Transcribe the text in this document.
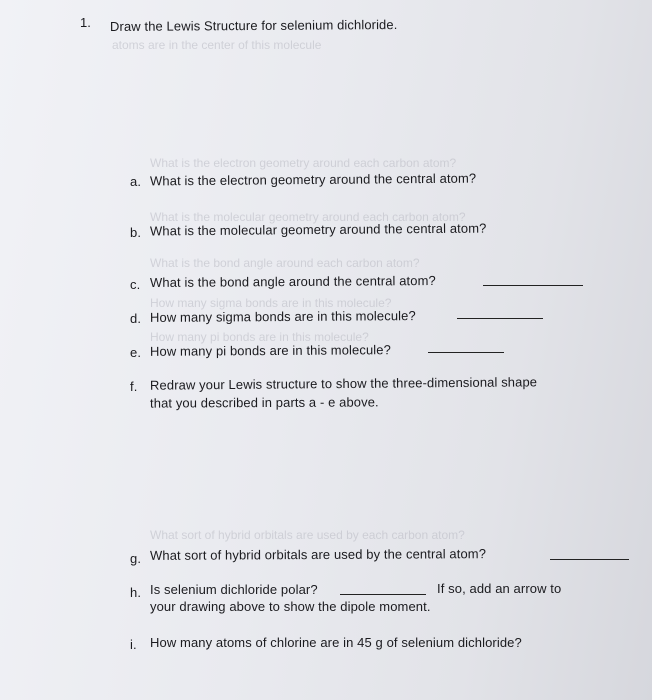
atoms are in the center of this molecule
What is the electron geometry around each carbon atom?
What is the molecular geometry around each carbon atom?
What is the bond angle around each carbon atom?
How many sigma bonds are in this molecule?
How many pi bonds are in this molecule?
What sort of hybrid orbitals are used by each carbon atom?
1. Draw the Lewis Structure for selenium dichloride.
a. What is the electron geometry around the central atom?
b. What is the molecular geometry around the central atom?
c. What is the bond angle around the central atom?
d. How many sigma bonds are in this molecule?
e. How many pi bonds are in this molecule?
f. Redraw your Lewis structure to show the three-dimensional shape
that you described in parts a - e above.
g. What sort of hybrid orbitals are used by the central atom?
h. Is selenium dichloride polar?	If so, add an arrow to
your drawing above to show the dipole moment.
i. How many atoms of chlorine are in 45 g of selenium dichloride?
